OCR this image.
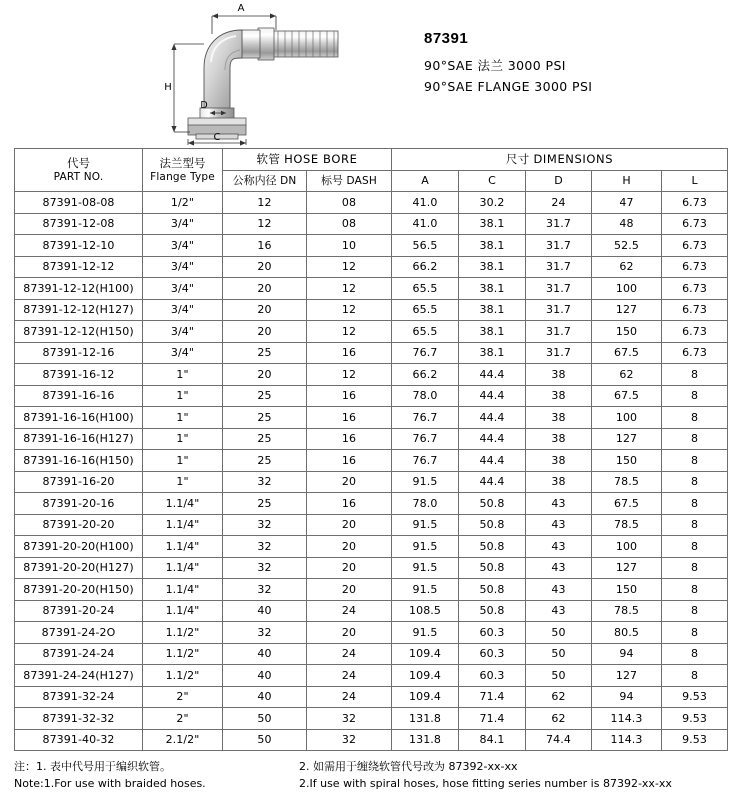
A
H
D
C
87391
90°SAE 法兰 3000 PSI
90°SAE FLANGE 3000 PSI
代号
PART NO.	法兰型号
Flange Type	软管 HOSE BORE		尺寸 DIMENSIONS				
		公称内径 DN	标号 DASH	A	C	D	H	L
87391-08-08	1/2"	12	08	41.0	30.2	24	47	6.73
87391-12-08	3/4"	12	08	41.0	38.1	31.7	48	6.73
87391-12-10	3/4"	16	10	56.5	38.1	31.7	52.5	6.73
87391-12-12	3/4"	20	12	66.2	38.1	31.7	62	6.73
87391-12-12(H100)	3/4"	20	12	65.5	38.1	31.7	100	6.73
87391-12-12(H127)	3/4"	20	12	65.5	38.1	31.7	127	6.73
87391-12-12(H150)	3/4"	20	12	65.5	38.1	31.7	150	6.73
87391-12-16	3/4"	25	16	76.7	38.1	31.7	67.5	6.73
87391-16-12	1"	20	12	66.2	44.4	38	62	8
87391-16-16	1"	25	16	78.0	44.4	38	67.5	8
87391-16-16(H100)	1"	25	16	76.7	44.4	38	100	8
87391-16-16(H127)	1"	25	16	76.7	44.4	38	127	8
87391-16-16(H150)	1"	25	16	76.7	44.4	38	150	8
87391-16-20	1"	32	20	91.5	44.4	38	78.5	8
87391-20-16	1.1/4"	25	16	78.0	50.8	43	67.5	8
87391-20-20	1.1/4"	32	20	91.5	50.8	43	78.5	8
87391-20-20(H100)	1.1/4"	32	20	91.5	50.8	43	100	8
87391-20-20(H127)	1.1/4"	32	20	91.5	50.8	43	127	8
87391-20-20(H150)	1.1/4"	32	20	91.5	50.8	43	150	8
87391-20-24	1.1/4"	40	24	108.5	50.8	43	78.5	8
87391-24-2O	1.1/2"	32	20	91.5	60.3	50	80.5	8
87391-24-24	1.1/2"	40	24	109.4	60.3	50	94	8
87391-24-24(H127)	1.1/2"	40	24	109.4	60.3	50	127	8
87391-32-24	2"	40	24	109.4	71.4	62	94	9.53
87391-32-32	2"	50	32	131.8	71.4	62	114.3	9.53
87391-40-32	2.1/2"	50	32	131.8	84.1	74.4	114.3	9.53
注：1. 表中代号用于编织软管。	2. 如需用于缠绕软管代号改为 87392-xx-xx
Note:1.For use with braided hoses.	2.If use with spiral hoses, hose fitting series number is 87392-xx-xx
